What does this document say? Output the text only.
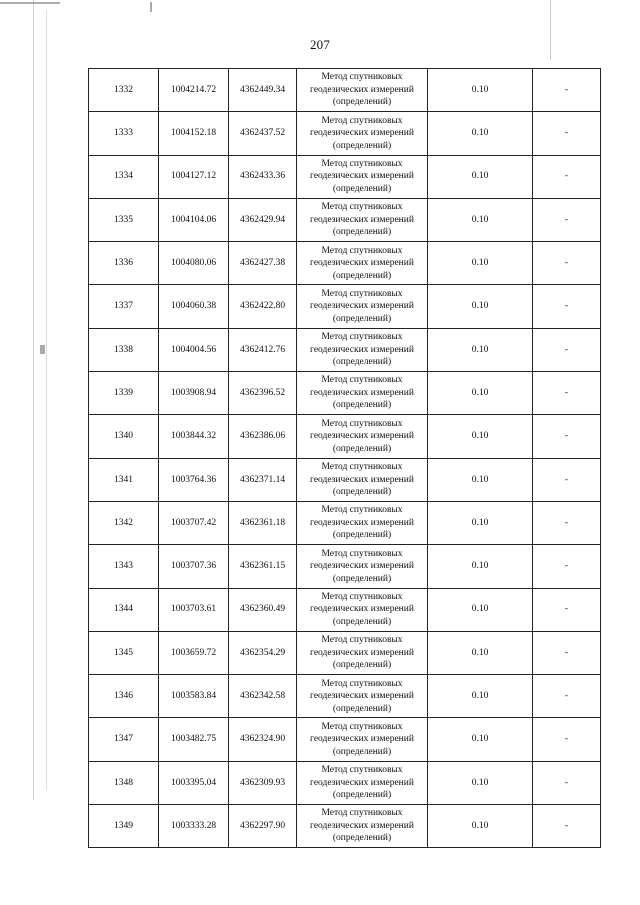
207
1332	1004214.72	4362449.34	Метод спутниковых
геодезических измерений
(определений)	0.10	-
1333	1004152.18	4362437.52	Метод спутниковых
геодезических измерений
(определений)	0.10	-
1334	1004127.12	4362433.36	Метод спутниковых
геодезических измерений
(определений)	0.10	-
1335	1004104.06	4362429.94	Метод спутниковых
геодезических измерений
(определений)	0.10	-
1336	1004080.06	4362427.38	Метод спутниковых
геодезических измерений
(определений)	0.10	-
1337	1004060.38	4362422.80	Метод спутниковых
геодезических измерений
(определений)	0.10	-
1338	1004004.56	4362412.76	Метод спутниковых
геодезических измерений
(определений)	0.10	-
1339	1003908.94	4362396.52	Метод спутниковых
геодезических измерений
(определений)	0.10	-
1340	1003844.32	4362386.06	Метод спутниковых
геодезических измерений
(определений)	0.10	-
1341	1003764.36	4362371.14	Метод спутниковых
геодезических измерений
(определений)	0.10	-
1342	1003707.42	4362361.18	Метод спутниковых
геодезических измерений
(определений)	0.10	-
1343	1003707.36	4362361.15	Метод спутниковых
геодезических измерений
(определений)	0.10	-
1344	1003703.61	4362360.49	Метод спутниковых
геодезических измерений
(определений)	0.10	-
1345	1003659.72	4362354.29	Метод спутниковых
геодезических измерений
(определений)	0.10	-
1346	1003583.84	4362342.58	Метод спутниковых
геодезических измерений
(определений)	0.10	-
1347	1003482.75	4362324.90	Метод спутниковых
геодезических измерений
(определений)	0.10	-
1348	1003395.04	4362309.93	Метод спутниковых
геодезических измерений
(определений)	0.10	-
1349	1003333.28	4362297.90	Метод спутниковых
геодезических измерений
(определений)	0.10	-
